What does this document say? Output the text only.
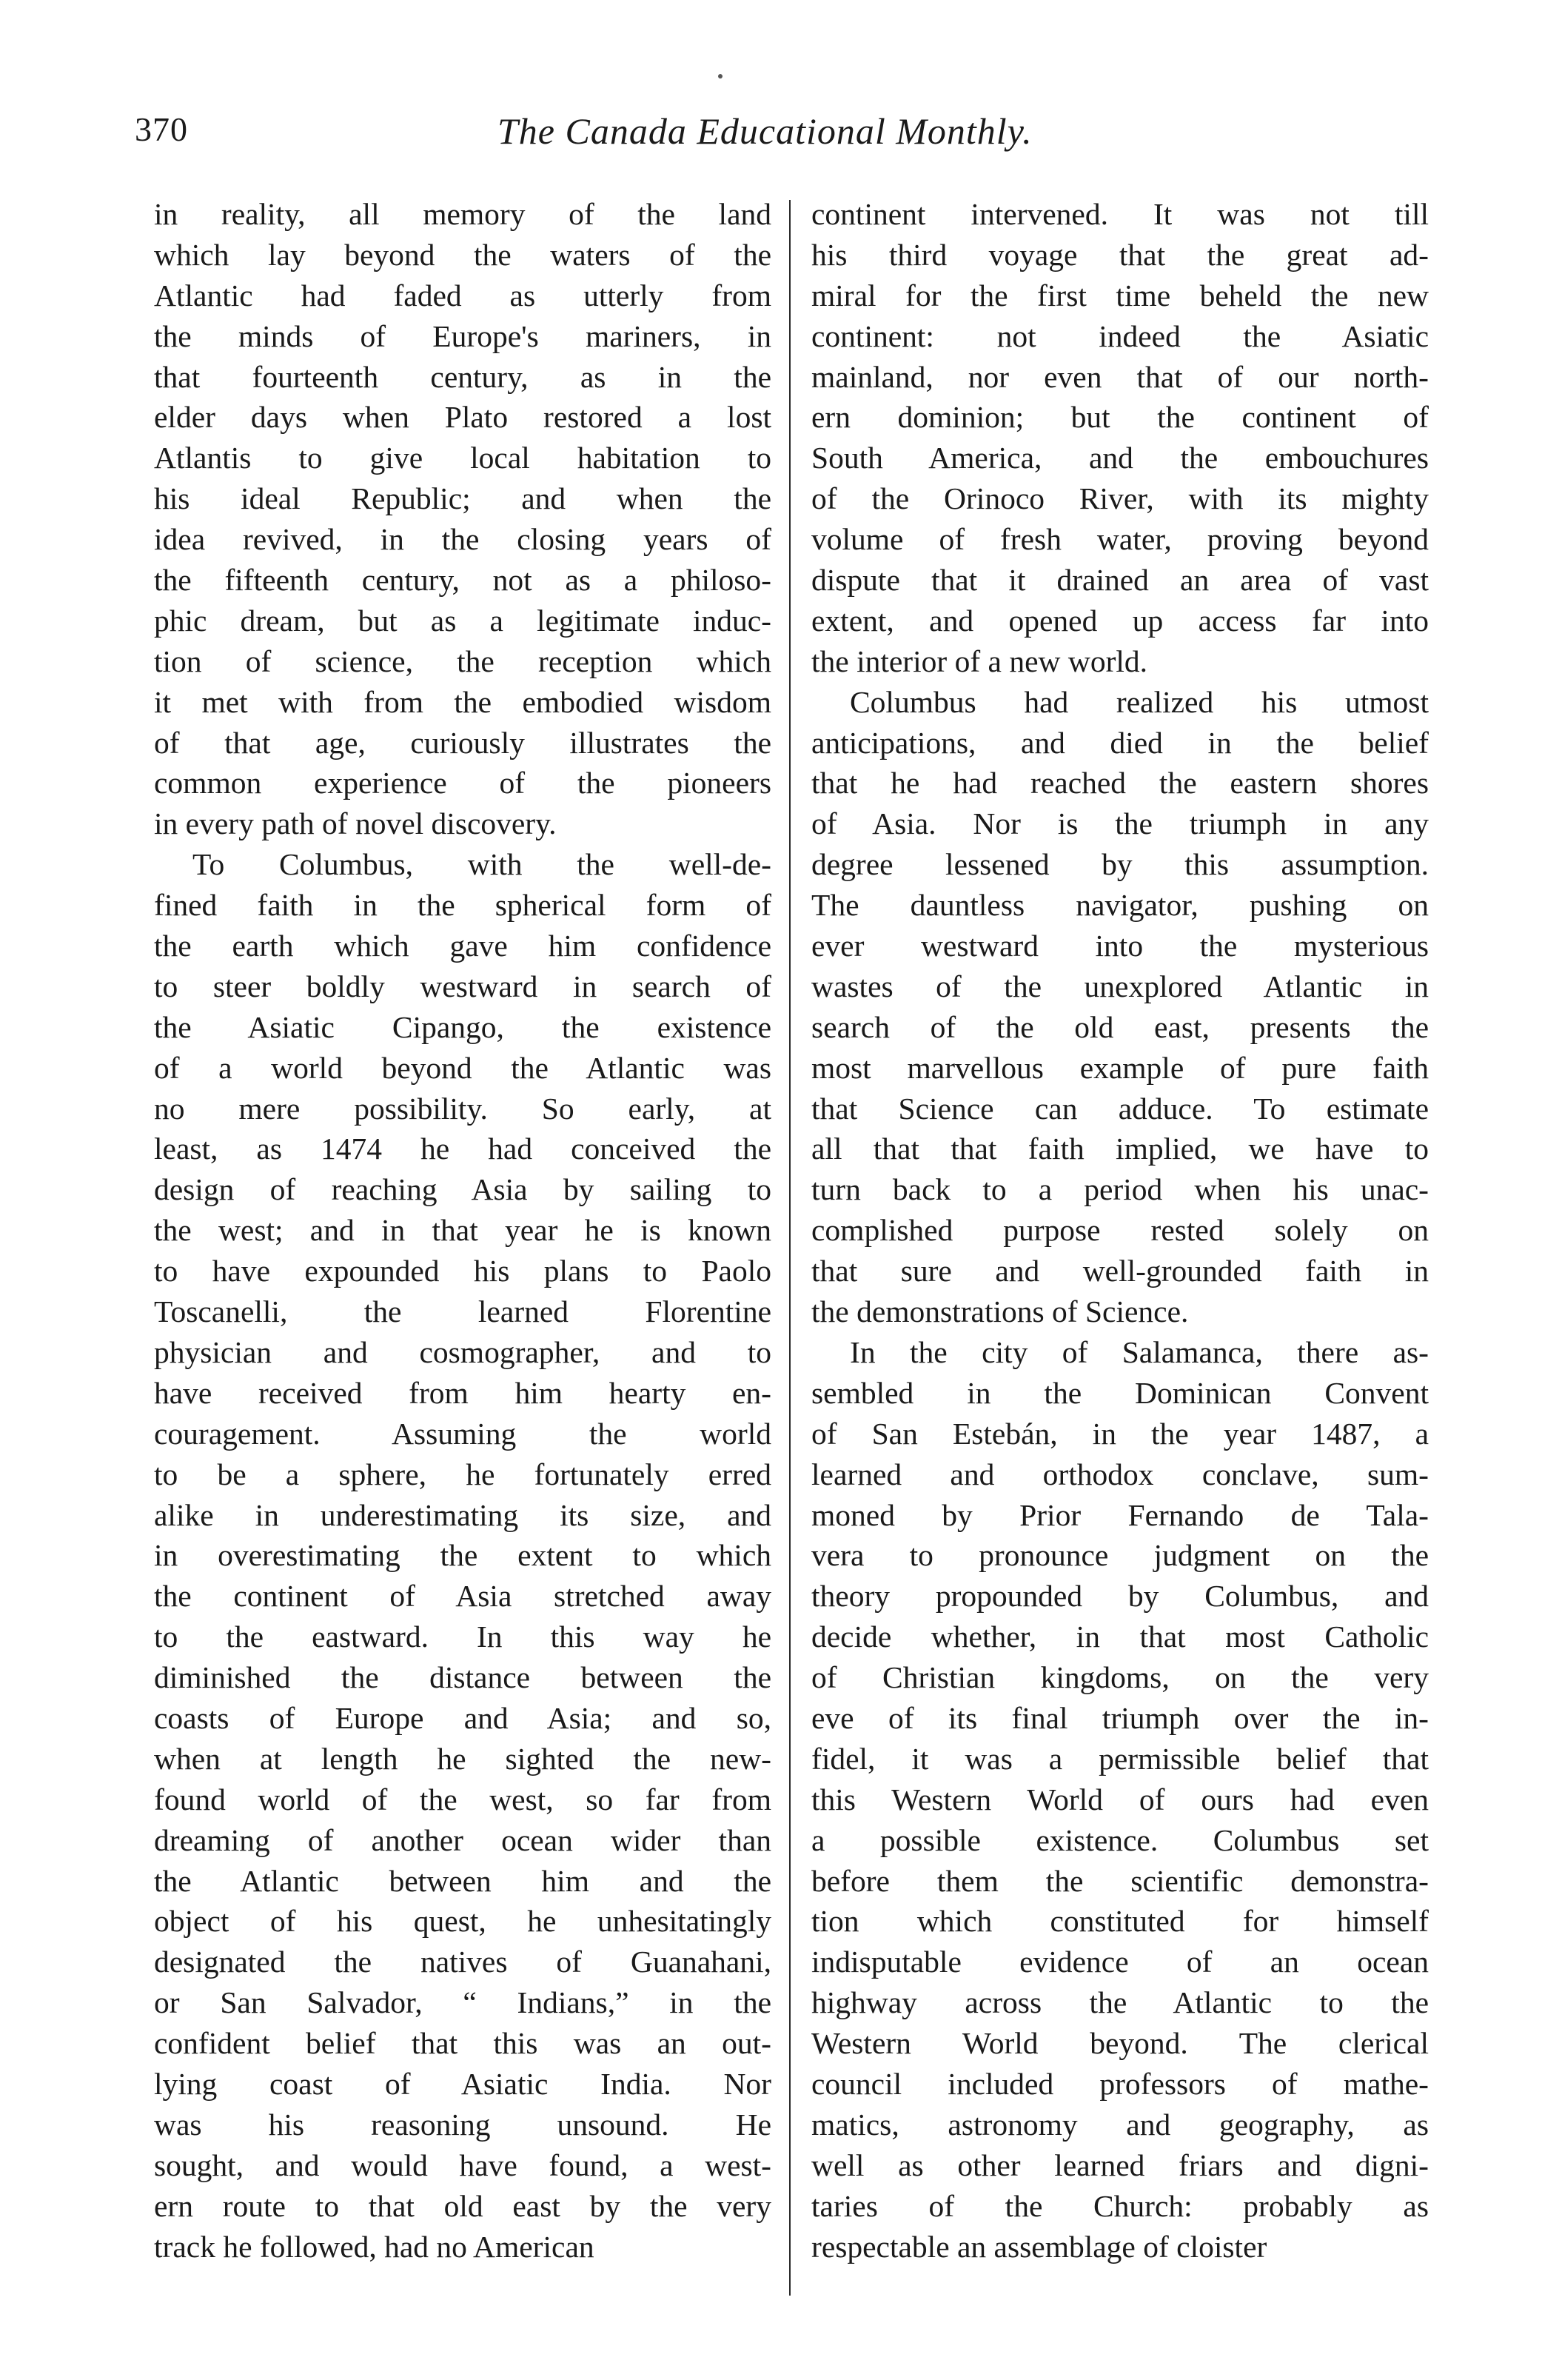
370	The Canada Educational Monthly.
in reality, all memory of the land
which lay beyond the waters of the
Atlantic had faded as utterly from
the minds of Europe's mariners, in
that fourteenth century, as in the
elder days when Plato restored a lost
Atlantis to give local habitation to
his ideal Republic; and when the
idea revived, in the closing years of
the fifteenth century, not as a philoso-
phic dream, but as a legitimate induc-
tion of science, the reception which
it met with from the embodied wisdom
of that age, curiously illustrates the
common experience of the pioneers
in every path of novel discovery.
To Columbus, with the well-de-
fined faith in the spherical form of
the earth which gave him confidence
to steer boldly westward in search of
the Asiatic Cipango, the existence
of a world beyond the Atlantic was
no mere possibility. So early, at
least, as 1474 he had conceived the
design of reaching Asia by sailing to
the west; and in that year he is known
to have expounded his plans to Paolo
Toscanelli, the learned Florentine
physician and cosmographer, and to
have received from him hearty en-
couragement. Assuming the world
to be a sphere, he fortunately erred
alike in underestimating its size, and
in overestimating the extent to which
the continent of Asia stretched away
to the eastward. In this way he
diminished the distance between the
coasts of Europe and Asia; and so,
when at length he sighted the new-
found world of the west, so far from
dreaming of another ocean wider than
the Atlantic between him and the
object of his quest, he unhesitatingly
designated the natives of Guanahani,
or San Salvador, “ Indians,” in the
confident belief that this was an out-
lying coast of Asiatic India. Nor
was his reasoning unsound. He
sought, and would have found, a west-
ern route to that old east by the very
track he followed, had no American
continent intervened. It was not till
his third voyage that the great ad-
miral for the first time beheld the new
continent: not indeed the Asiatic
mainland, nor even that of our north-
ern dominion; but the continent of
South America, and the embouchures
of the Orinoco River, with its mighty
volume of fresh water, proving beyond
dispute that it drained an area of vast
extent, and opened up access far into
the interior of a new world.
Columbus had realized his utmost
anticipations, and died in the belief
that he had reached the eastern shores
of Asia. Nor is the triumph in any
degree lessened by this assumption.
The dauntless navigator, pushing on
ever westward into the mysterious
wastes of the unexplored Atlantic in
search of the old east, presents the
most marvellous example of pure faith
that Science can adduce. To estimate
all that that faith implied, we have to
turn back to a period when his unac-
complished purpose rested solely on
that sure and well-grounded faith in
the demonstrations of Science.
In the city of Salamanca, there as-
sembled in the Dominican Convent
of San Estebán, in the year 1487, a
learned and orthodox conclave, sum-
moned by Prior Fernando de Tala-
vera to pronounce judgment on the
theory propounded by Columbus, and
decide whether, in that most Catholic
of Christian kingdoms, on the very
eve of its final triumph over the in-
fidel, it was a permissible belief that
this Western World of ours had even
a possible existence. Columbus set
before them the scientific demonstra-
tion which constituted for himself
indisputable evidence of an ocean
highway across the Atlantic to the
Western World beyond. The clerical
council included professors of mathe-
matics, astronomy and geography, as
well as other learned friars and digni-
taries of the Church: probably as
respectable an assemblage of cloister
